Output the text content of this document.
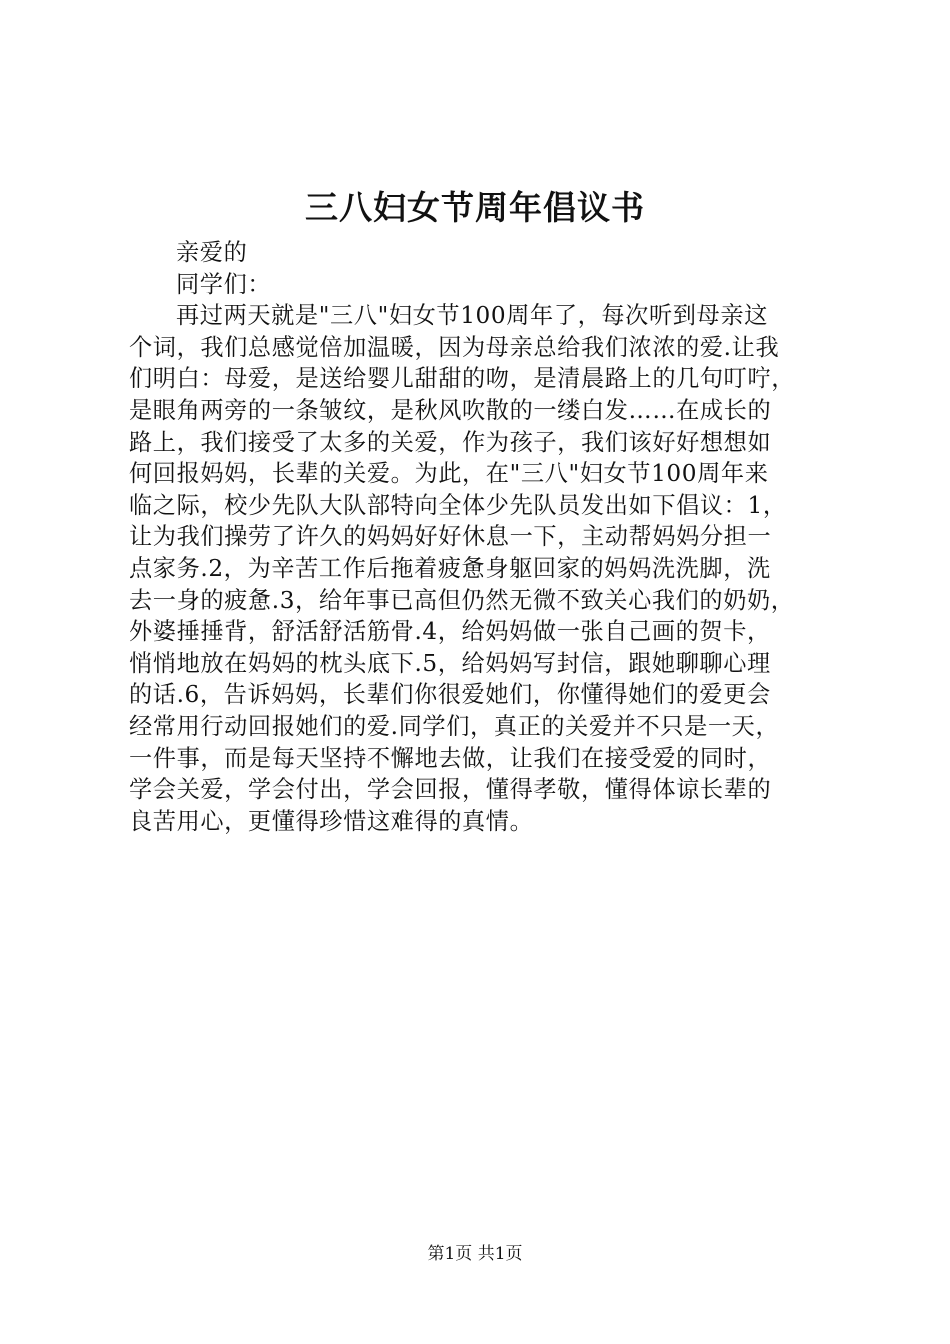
三八妇女节周年倡议书
亲爱的
同学们：
再过两天就是"三八"妇女节100周年了，每次听到母亲这
个词，我们总感觉倍加温暖，因为母亲总给我们浓浓的爱.让我
们明白：母爱，是送给婴儿甜甜的吻，是清晨路上的几句叮咛，
是眼角两旁的一条皱纹，是秋风吹散的一缕白发……在成长的
路上，我们接受了太多的关爱，作为孩子，我们该好好想想如
何回报妈妈，长辈的关爱。为此，在"三八"妇女节100周年来
临之际，校少先队大队部特向全体少先队员发出如下倡议：1，
让为我们操劳了许久的妈妈好好休息一下，主动帮妈妈分担一
点家务.2，为辛苦工作后拖着疲惫身躯回家的妈妈洗洗脚，洗
去一身的疲惫.3，给年事已高但仍然无微不致关心我们的奶奶，
外婆捶捶背，舒活舒活筋骨.4，给妈妈做一张自己画的贺卡，
悄悄地放在妈妈的枕头底下.5，给妈妈写封信，跟她聊聊心理
的话.6，告诉妈妈，长辈们你很爱她们，你懂得她们的爱更会
经常用行动回报她们的爱.同学们，真正的关爱并不只是一天，
一件事，而是每天坚持不懈地去做，让我们在接受爱的同时，
学会关爱，学会付出，学会回报，懂得孝敬，懂得体谅长辈的
良苦用心，更懂得珍惜这难得的真情。
第1页 共1页
